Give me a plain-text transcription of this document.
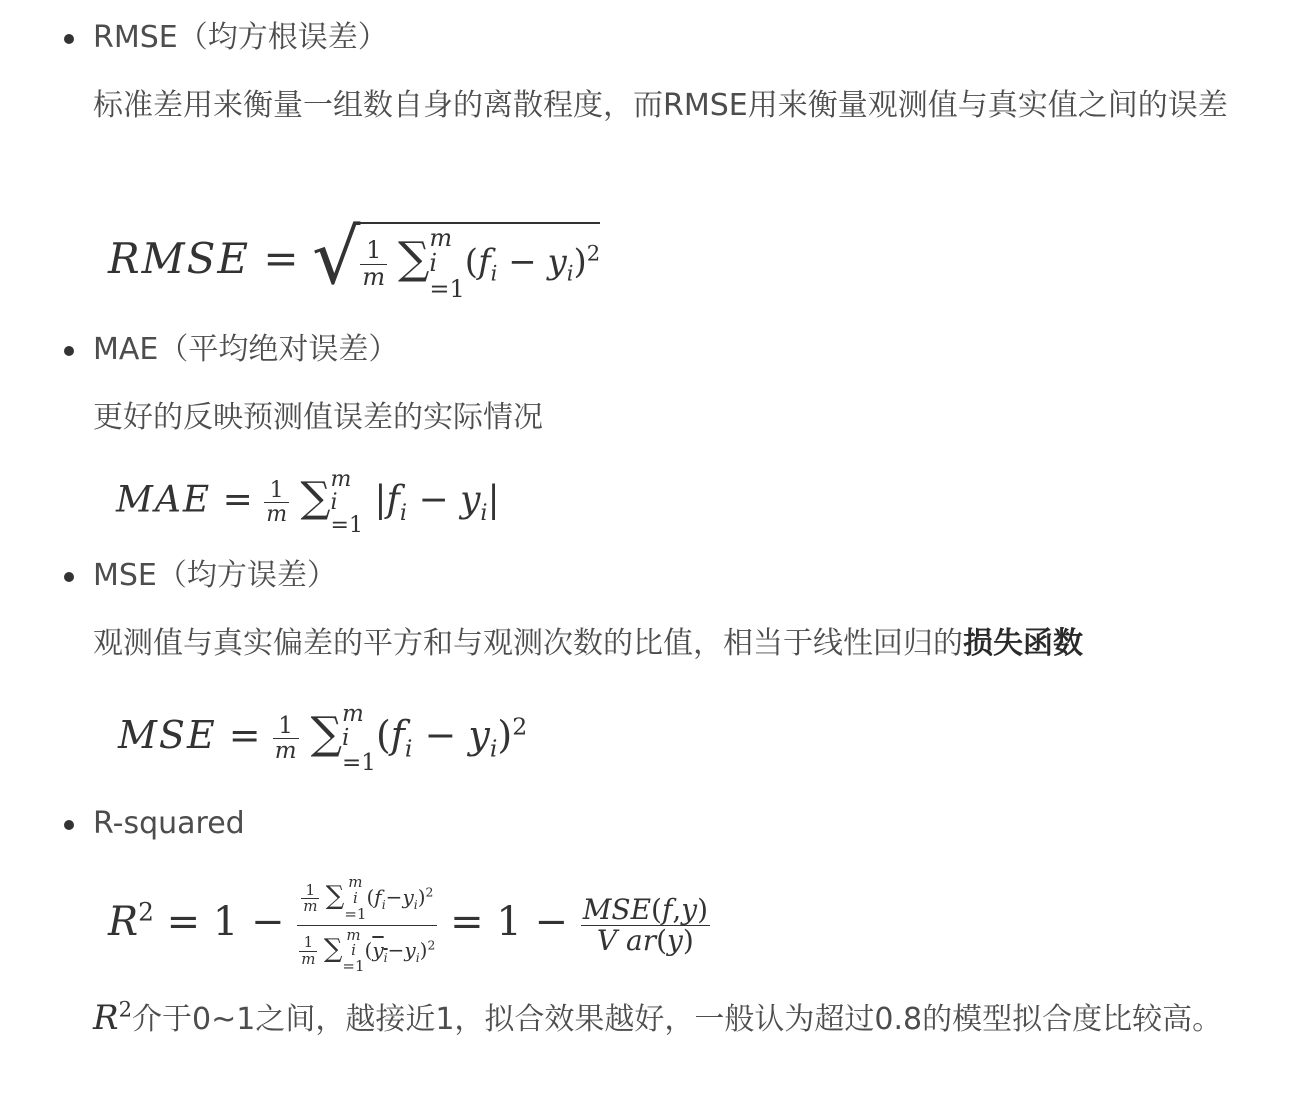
RMSE（均方根误差）
标准差用来衡量一组数自身的离散程度，而RMSE用来衡量观测值与真实值之间的误差
RMSE = √ $\frac{1}{m}$ ∑ m
i
=1
$(f_i - y_i)^2$
MAE（平均绝对误差）
更好的反映预测值误差的实际情况
MAE = $\frac{1}{m}$ ∑ m
i
=1
$|f_i - y_i|$
MSE（均方误差）
观测值与真实偏差的平方和与观测次数的比值，相当于线性回归的损失函数
MSE = $\frac{1}{m}$ ∑ m
i
=1
$(f_i - y_i)^2$
R-squared
$R^2 = 1 - \frac{1}{m}$ ∑ m
i
=1
$(f_i-y_i)^2$
$\frac{1}{m}$ ∑ m
i
=1
$(y_i-y_i)^2 = 1 - \frac{\text{MSE(f,y)}}{\text{V ar(y)}}$
$R^2$介于0~1之间，越接近1，拟合效果越好，一般认为超过0.8的模型拟合度比较高。
